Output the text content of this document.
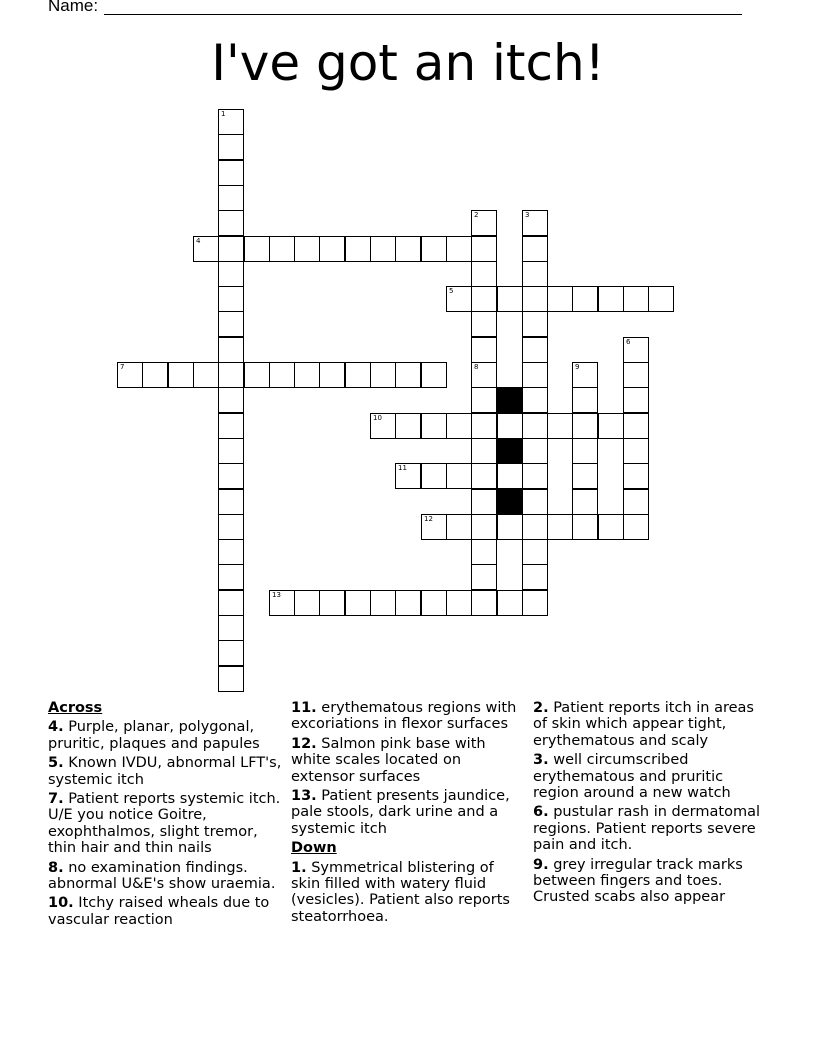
Name:
I've got an itch!
4
5
7
10
11
12
13
1
2
8
3
6
9
Across
4. Purple, planar, polygonal, pruritic, plaques and papules
5. Known IVDU, abnormal LFT's, systemic itch
7. Patient reports systemic itch. U/E you notice Goitre, exophthalmos, slight tremor, thin hair and thin nails
8. no examination findings. abnormal U&E's show uraemia.
10. Itchy raised wheals due to vascular reaction
11. erythematous regions with excoriations in flexor surfaces
12. Salmon pink base with white scales located on extensor surfaces
13. Patient presents jaundice, pale stools, dark urine and a systemic itch
Down
1. Symmetrical blistering of skin filled with watery fluid (vesicles). Patient also reports steatorrhoea.
2. Patient reports itch in areas of skin which appear tight, erythematous and scaly
3. well circumscribed erythematous and pruritic region around a new watch
6. pustular rash in dermatomal regions. Patient reports severe pain and itch.
9. grey irregular track marks between fingers and toes. Crusted scabs also appear
